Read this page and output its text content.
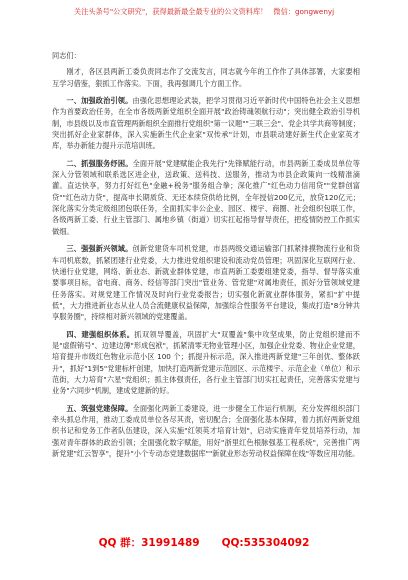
关注头条号"公文研究"，获得最新最全最专业的公文资料库！ 微信：gongwenyj

同志们：

刚才，各区县两新工委负责同志作了交流发言，同志就今年的工作作了具体部署，大家要相互学习借鉴，狠抓工作落实。下面，我再强调几个方面工作。

一、加强政治引领。由强化思想理论武装，把学习贯彻习近平新时代中国特色社会主义思想作为首要政治任务，在全市各级两新党组织全面开展"政治铸魂领航行动"；突出健全政治引导机制，市县级以及市直管理两新组织全面推行党组织"第一议题""三联三会"、党企共学共商等制度；突出抓好企业家群体，深入实施新生代企业家"双传承"计划，市县联动建好新生代企业家英才库，举办新能力提升示范培训班。

二、抓强服务纾困。全面开展"党建赋能企我先行"先锋赋能行动，市县两新工委成员单位等深入分管领域和联系选区进企业，送政策、送科技、送服务，推动为市县企政策向一线精准滴灌。直达快享，努力打好红色"金融+税务"服务组合拳；深化推广"红色动力信用贷""党群创富贷""红色动力贷"，提高申长期质贷、无还本续贷供给比例，全年授信200亿元，放贷120亿元；深化落实分类定级组团包联任务，全面抓实非公企业、园区、楼宇、商圈、社会组织包联工作，各级两新工委、行业主管部门、属地乡镇（街道）切实扛起指导督导责任，把疫情防控工作抓实做细。

三、强强新兴领域。创新党建货车司机党建，市县两级交通运输部门抓紧排摸物流行业和货车司机底数，抓紧团建行业党委，大力推进党组织建设和流动党员管理；巩固深化互联网行业、快递行业党建，网络、新业态、新就业群体党建，市直两新工委要组建党委，指导、督导落实重要事项目标，省电商、商务、经信等部门突出"管业务、管党建"对属地责任，抓好分管领域党建任务落实。对规党建工作情况及时向行业党委报告；切实强化新就业群体服务，紧扣"扩中提低"，大力推进新业态从业人员合流健康权益保障，加强综合性服务平台建设，集成打造"8分钟共享服务圈"，持续相对新兴领域的党建覆盖。

四、建强组织体系。抓双领导覆盖，巩固扩大"双覆盖"集中攻坚成果，防止党组织建而不是"虚假销号"、边建边薄"形成包袱"，抓紧清零无物业管理小区，加强企业党委、物业企业党建，培育提升市级红色物业示范小区 100 个；抓提升标示范，深入推进两新党建"三年创优、整体跃升"，抓好"1到5"党建标杆创建，加快打造两新党建示范园区、示范楼宇、示范企业（单位）和示范街，大力培育"六星"党组织；抓主体强责任，各行业主管部门切实扛起责任，完善落实党建与业务"六同步"机制，建成党建新的好。

五、筑强党建保障。全面强化两新工委建设，进一步健全工作运行机制，充分发挥组织部门牵头抓总作用，推动工委成员单位各尽其责，密切配合；全面强化基本保障，着力抓好两新党组织书记和党务工作者队伍建设，深入实施"红领英才培育计划"，启动实施青年党员培养行动，加强对青年群体的政治引领；全面强化数字赋能，用好"浙里红色根脉强基工程系统"，完善推广两新党建"红云智享"，提升"小个专动态党建数据库""新就业形态劳动权益保障在线"等数应用功能。

QQ 群：31991489 QQ:535304092
